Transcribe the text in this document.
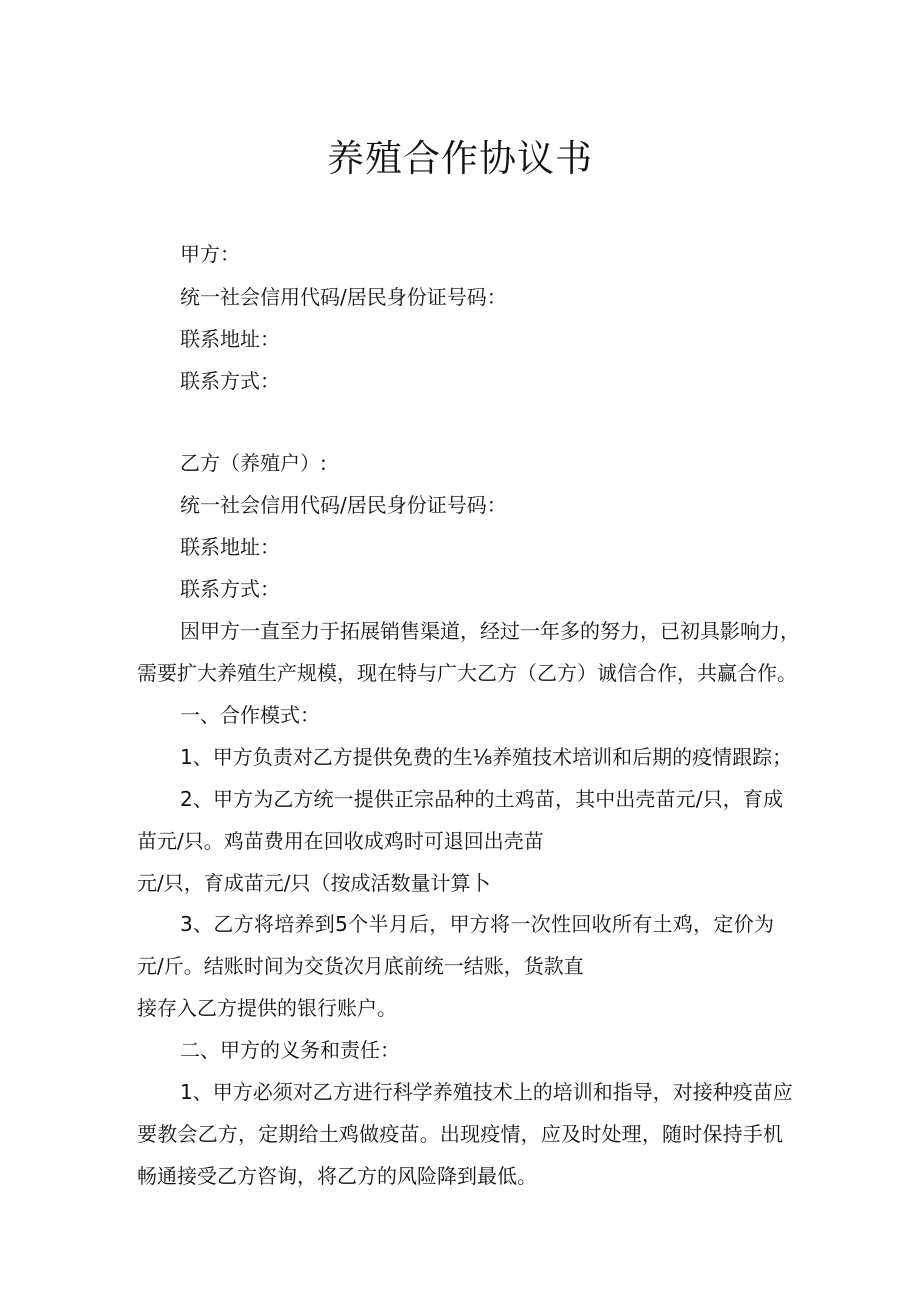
养殖合作协议书

甲方：

统一社会信用代码/居民身份证号码：

联系地址：

联系方式：

乙方（养殖户）:

统一社会信用代码/居民身份证号码：

联系地址：

联系方式：

因甲方一直至力于拓展销售渠道，经过一年多的努力，已初具影响力，

需要扩大养殖生产规模，现在特与广大乙方（乙方）诚信合作，共赢合作。

一、合作模式：

1、甲方负责对乙方提供免费的生⅛养殖技术培训和后期的疫情跟踪；

2、甲方为乙方统一提供正宗品种的土鸡苗，其中出壳苗元/只，育成

苗元/只。鸡苗费用在回收成鸡时可退回出壳苗

元/只，育成苗元/只（按成活数量计算卜

3、乙方将培养到5个半月后，甲方将一次性回收所有土鸡，定价为

元/斤。结账时间为交货次月底前统一结账，货款直

接存入乙方提供的银行账户。

二、甲方的义务和责任：

1、甲方必须对乙方进行科学养殖技术上的培训和指导，对接种疫苗应

要教会乙方，定期给土鸡做疫苗。出现疫情，应及时处理，随时保持手机

畅通接受乙方咨询，将乙方的风险降到最低。
